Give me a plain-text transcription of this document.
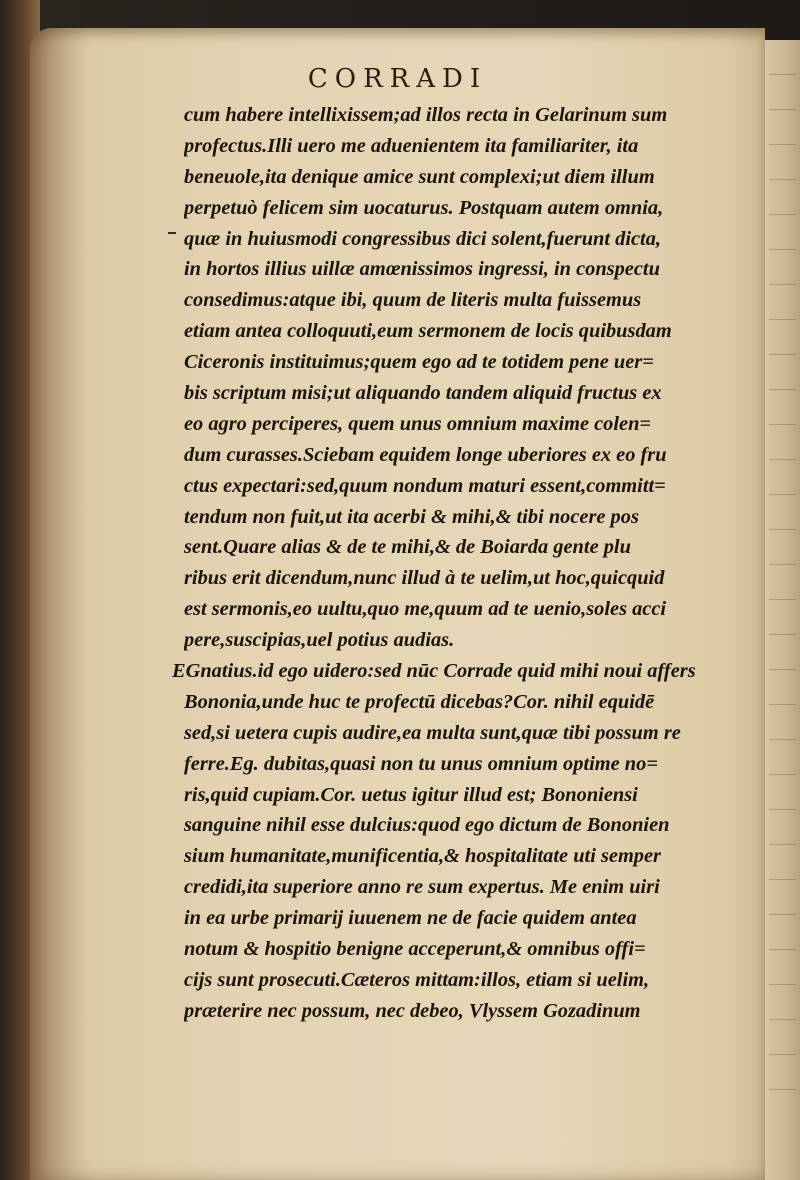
CORRADI
cum habere intellixissem;ad illos recta in Gelarinum sum
profectus.Illi uero me aduenientem ita familiariter, ita
beneuole,ita denique amice sunt complexi;ut diem illum
perpetuò felicem sim uocaturus. Postquam autem omnia,
quæ in huiusmodi congressibus dici solent,fuerunt dicta,
in hortos illius uillæ amœnissimos ingressi, in conspectu
consedimus:atque ibi, quum de literis multa fuissemus
etiam antea colloquuti,eum sermonem de locis quibusdam
Ciceronis instituimus;quem ego ad te totidem pene uer=
bis scriptum misi;ut aliquando tandem aliquid fructus ex
eo agro perciperes, quem unus omnium maxime colen=
dum curasses.Sciebam equidem longe uberiores ex eo fru
ctus expectari:sed,quum nondum maturi essent,committ=
tendum non fuit,ut ita acerbi & mihi,& tibi nocere pos
sent.Quare alias & de te mihi,& de Boiarda gente plu
ribus erit dicendum,nunc illud à te uelim,ut hoc,quicquid
est sermonis,eo uultu,quo me,quum ad te uenio,soles acci
pere,suscipias,uel potius audias.
EGnatius.id ego uidero:sed nūc Corrade quid mihi noui affers
Bononia,unde huc te profectū dicebas?Cor. nihil equidē
sed,si uetera cupis audire,ea multa sunt,quæ tibi possum re
ferre.Eg. dubitas,quasi non tu unus omnium optime no=
ris,quid cupiam.Cor. uetus igitur illud est; Bononiensi
sanguine nihil esse dulcius:quod ego dictum de Bononien
sium humanitate,munificentia,& hospitalitate uti semper
credidi,ita superiore anno re sum expertus. Me enim uiri
in ea urbe primarij iuuenem ne de facie quidem antea
notum & hospitio benigne acceperunt,& omnibus offi=
cijs sunt prosecuti.Cæteros mittam:illos, etiam si uelim,
præterire nec possum, nec debeo, Vlyssem Gozadinum
